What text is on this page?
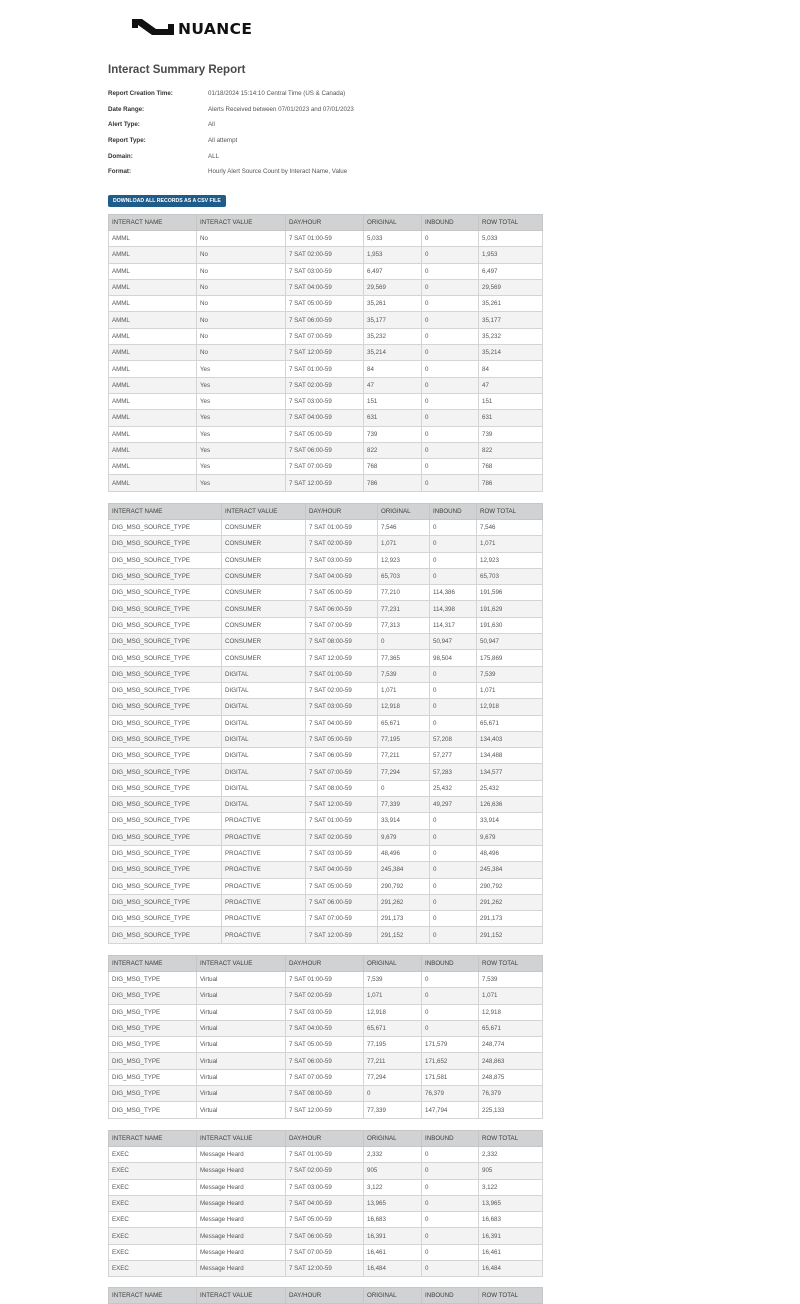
NUANCE
Interact Summary Report
Report Creation Time:	01/18/2024 15:14:10 Central Time (US & Canada)
Date Range:	Alerts Received between 07/01/2023 and 07/01/2023
Alert Type:	All
Report Type:	All attempt
Domain:	ALL
Format:	Hourly Alert Source Count by Interact Name, Value
DOWNLOAD ALL RECORDS AS A CSV FILE
INTERACT NAME	INTERACT VALUE	DAY/HOUR	ORIGINAL	INBOUND	ROW TOTAL
AMML	No	7 SAT 01:00-59	5,033	0	5,033
AMML	No	7 SAT 02:00-59	1,953	0	1,953
AMML	No	7 SAT 03:00-59	6,497	0	6,497
AMML	No	7 SAT 04:00-59	29,569	0	29,569
AMML	No	7 SAT 05:00-59	35,261	0	35,261
AMML	No	7 SAT 06:00-59	35,177	0	35,177
AMML	No	7 SAT 07:00-59	35,232	0	35,232
AMML	No	7 SAT 12:00-59	35,214	0	35,214
AMML	Yes	7 SAT 01:00-59	84	0	84
AMML	Yes	7 SAT 02:00-59	47	0	47
AMML	Yes	7 SAT 03:00-59	151	0	151
AMML	Yes	7 SAT 04:00-59	631	0	631
AMML	Yes	7 SAT 05:00-59	739	0	739
AMML	Yes	7 SAT 06:00-59	822	0	822
AMML	Yes	7 SAT 07:00-59	768	0	768
AMML	Yes	7 SAT 12:00-59	786	0	786
INTERACT NAME	INTERACT VALUE	DAY/HOUR	ORIGINAL	INBOUND	ROW TOTAL
DIG_MSG_SOURCE_TYPE	CONSUMER	7 SAT 01:00-59	7,546	0	7,546
DIG_MSG_SOURCE_TYPE	CONSUMER	7 SAT 02:00-59	1,071	0	1,071
DIG_MSG_SOURCE_TYPE	CONSUMER	7 SAT 03:00-59	12,923	0	12,923
DIG_MSG_SOURCE_TYPE	CONSUMER	7 SAT 04:00-59	65,703	0	65,703
DIG_MSG_SOURCE_TYPE	CONSUMER	7 SAT 05:00-59	77,210	114,386	191,596
DIG_MSG_SOURCE_TYPE	CONSUMER	7 SAT 06:00-59	77,231	114,398	191,629
DIG_MSG_SOURCE_TYPE	CONSUMER	7 SAT 07:00-59	77,313	114,317	191,630
DIG_MSG_SOURCE_TYPE	CONSUMER	7 SAT 08:00-59	0	50,947	50,947
DIG_MSG_SOURCE_TYPE	CONSUMER	7 SAT 12:00-59	77,365	98,504	175,869
DIG_MSG_SOURCE_TYPE	DIGITAL	7 SAT 01:00-59	7,539	0	7,539
DIG_MSG_SOURCE_TYPE	DIGITAL	7 SAT 02:00-59	1,071	0	1,071
DIG_MSG_SOURCE_TYPE	DIGITAL	7 SAT 03:00-59	12,918	0	12,918
DIG_MSG_SOURCE_TYPE	DIGITAL	7 SAT 04:00-59	65,671	0	65,671
DIG_MSG_SOURCE_TYPE	DIGITAL	7 SAT 05:00-59	77,195	57,208	134,403
DIG_MSG_SOURCE_TYPE	DIGITAL	7 SAT 06:00-59	77,211	57,277	134,488
DIG_MSG_SOURCE_TYPE	DIGITAL	7 SAT 07:00-59	77,294	57,283	134,577
DIG_MSG_SOURCE_TYPE	DIGITAL	7 SAT 08:00-59	0	25,432	25,432
DIG_MSG_SOURCE_TYPE	DIGITAL	7 SAT 12:00-59	77,339	49,297	126,636
DIG_MSG_SOURCE_TYPE	PROACTIVE	7 SAT 01:00-59	33,914	0	33,914
DIG_MSG_SOURCE_TYPE	PROACTIVE	7 SAT 02:00-59	9,679	0	9,679
DIG_MSG_SOURCE_TYPE	PROACTIVE	7 SAT 03:00-59	48,496	0	48,496
DIG_MSG_SOURCE_TYPE	PROACTIVE	7 SAT 04:00-59	245,384	0	245,384
DIG_MSG_SOURCE_TYPE	PROACTIVE	7 SAT 05:00-59	290,792	0	290,792
DIG_MSG_SOURCE_TYPE	PROACTIVE	7 SAT 06:00-59	291,262	0	291,262
DIG_MSG_SOURCE_TYPE	PROACTIVE	7 SAT 07:00-59	291,173	0	291,173
DIG_MSG_SOURCE_TYPE	PROACTIVE	7 SAT 12:00-59	291,152	0	291,152
INTERACT NAME	INTERACT VALUE	DAY/HOUR	ORIGINAL	INBOUND	ROW TOTAL
DIG_MSG_TYPE	Virtual	7 SAT 01:00-59	7,539	0	7,539
DIG_MSG_TYPE	Virtual	7 SAT 02:00-59	1,071	0	1,071
DIG_MSG_TYPE	Virtual	7 SAT 03:00-59	12,918	0	12,918
DIG_MSG_TYPE	Virtual	7 SAT 04:00-59	65,671	0	65,671
DIG_MSG_TYPE	Virtual	7 SAT 05:00-59	77,195	171,579	248,774
DIG_MSG_TYPE	Virtual	7 SAT 06:00-59	77,211	171,652	248,863
DIG_MSG_TYPE	Virtual	7 SAT 07:00-59	77,294	171,581	248,875
DIG_MSG_TYPE	Virtual	7 SAT 08:00-59	0	76,379	76,379
DIG_MSG_TYPE	Virtual	7 SAT 12:00-59	77,339	147,794	225,133
INTERACT NAME	INTERACT VALUE	DAY/HOUR	ORIGINAL	INBOUND	ROW TOTAL
EXEC	Message Heard	7 SAT 01:00-59	2,332	0	2,332
EXEC	Message Heard	7 SAT 02:00-59	905	0	905
EXEC	Message Heard	7 SAT 03:00-59	3,122	0	3,122
EXEC	Message Heard	7 SAT 04:00-59	13,965	0	13,965
EXEC	Message Heard	7 SAT 05:00-59	16,683	0	16,683
EXEC	Message Heard	7 SAT 06:00-59	16,391	0	16,391
EXEC	Message Heard	7 SAT 07:00-59	16,461	0	16,461
EXEC	Message Heard	7 SAT 12:00-59	16,484	0	16,484
INTERACT NAME	INTERACT VALUE	DAY/HOUR	ORIGINAL	INBOUND	ROW TOTAL
